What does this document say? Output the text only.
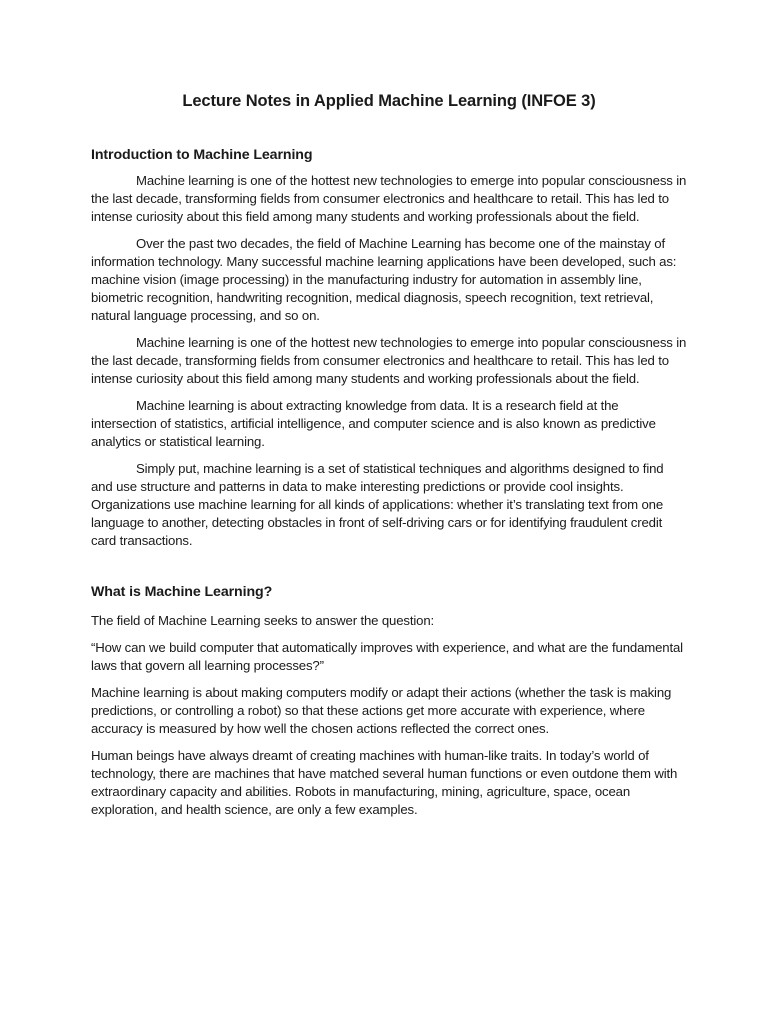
Lecture Notes in Applied Machine Learning (INFOE 3)
Introduction to Machine Learning

Machine learning is one of the hottest new technologies to emerge into popular consciousness in the last decade, transforming fields from consumer electronics and healthcare to retail. This has led to intense curiosity about this field among many students and working professionals about the field.

Over the past two decades, the field of Machine Learning has become one of the mainstay of information technology. Many successful machine learning applications have been developed, such as: machine vision (image processing) in the manufacturing industry for automation in assembly line, biometric recognition, handwriting recognition, medical diagnosis, speech recognition, text retrieval, natural language processing, and so on.

Machine learning is one of the hottest new technologies to emerge into popular consciousness in the last decade, transforming fields from consumer electronics and healthcare to retail. This has led to intense curiosity about this field among many students and working professionals about the field.

Machine learning is about extracting knowledge from data. It is a research field at the intersection of statistics, artificial intelligence, and computer science and is also known as predictive analytics or statistical learning.

Simply put, machine learning is a set of statistical techniques and algorithms designed to find and use structure and patterns in data to make interesting predictions or provide cool insights. Organizations use machine learning for all kinds of applications: whether it’s translating text from one language to another, detecting obstacles in front of self-driving cars or for identifying fraudulent credit card transactions.

What is Machine Learning?

The field of Machine Learning seeks to answer the question:

“How can we build computer that automatically improves with experience, and what are the fundamental laws that govern all learning processes?”

Machine learning is about making computers modify or adapt their actions (whether the task is making predictions, or controlling a robot) so that these actions get more accurate with experience, where accuracy is measured by how well the chosen actions reflected the correct ones.

Human beings have always dreamt of creating machines with human-like traits. In today’s world of technology, there are machines that have matched several human functions or even outdone them with extraordinary capacity and abilities. Robots in manufacturing, mining, agriculture, space, ocean exploration, and health science, are only a few examples.
